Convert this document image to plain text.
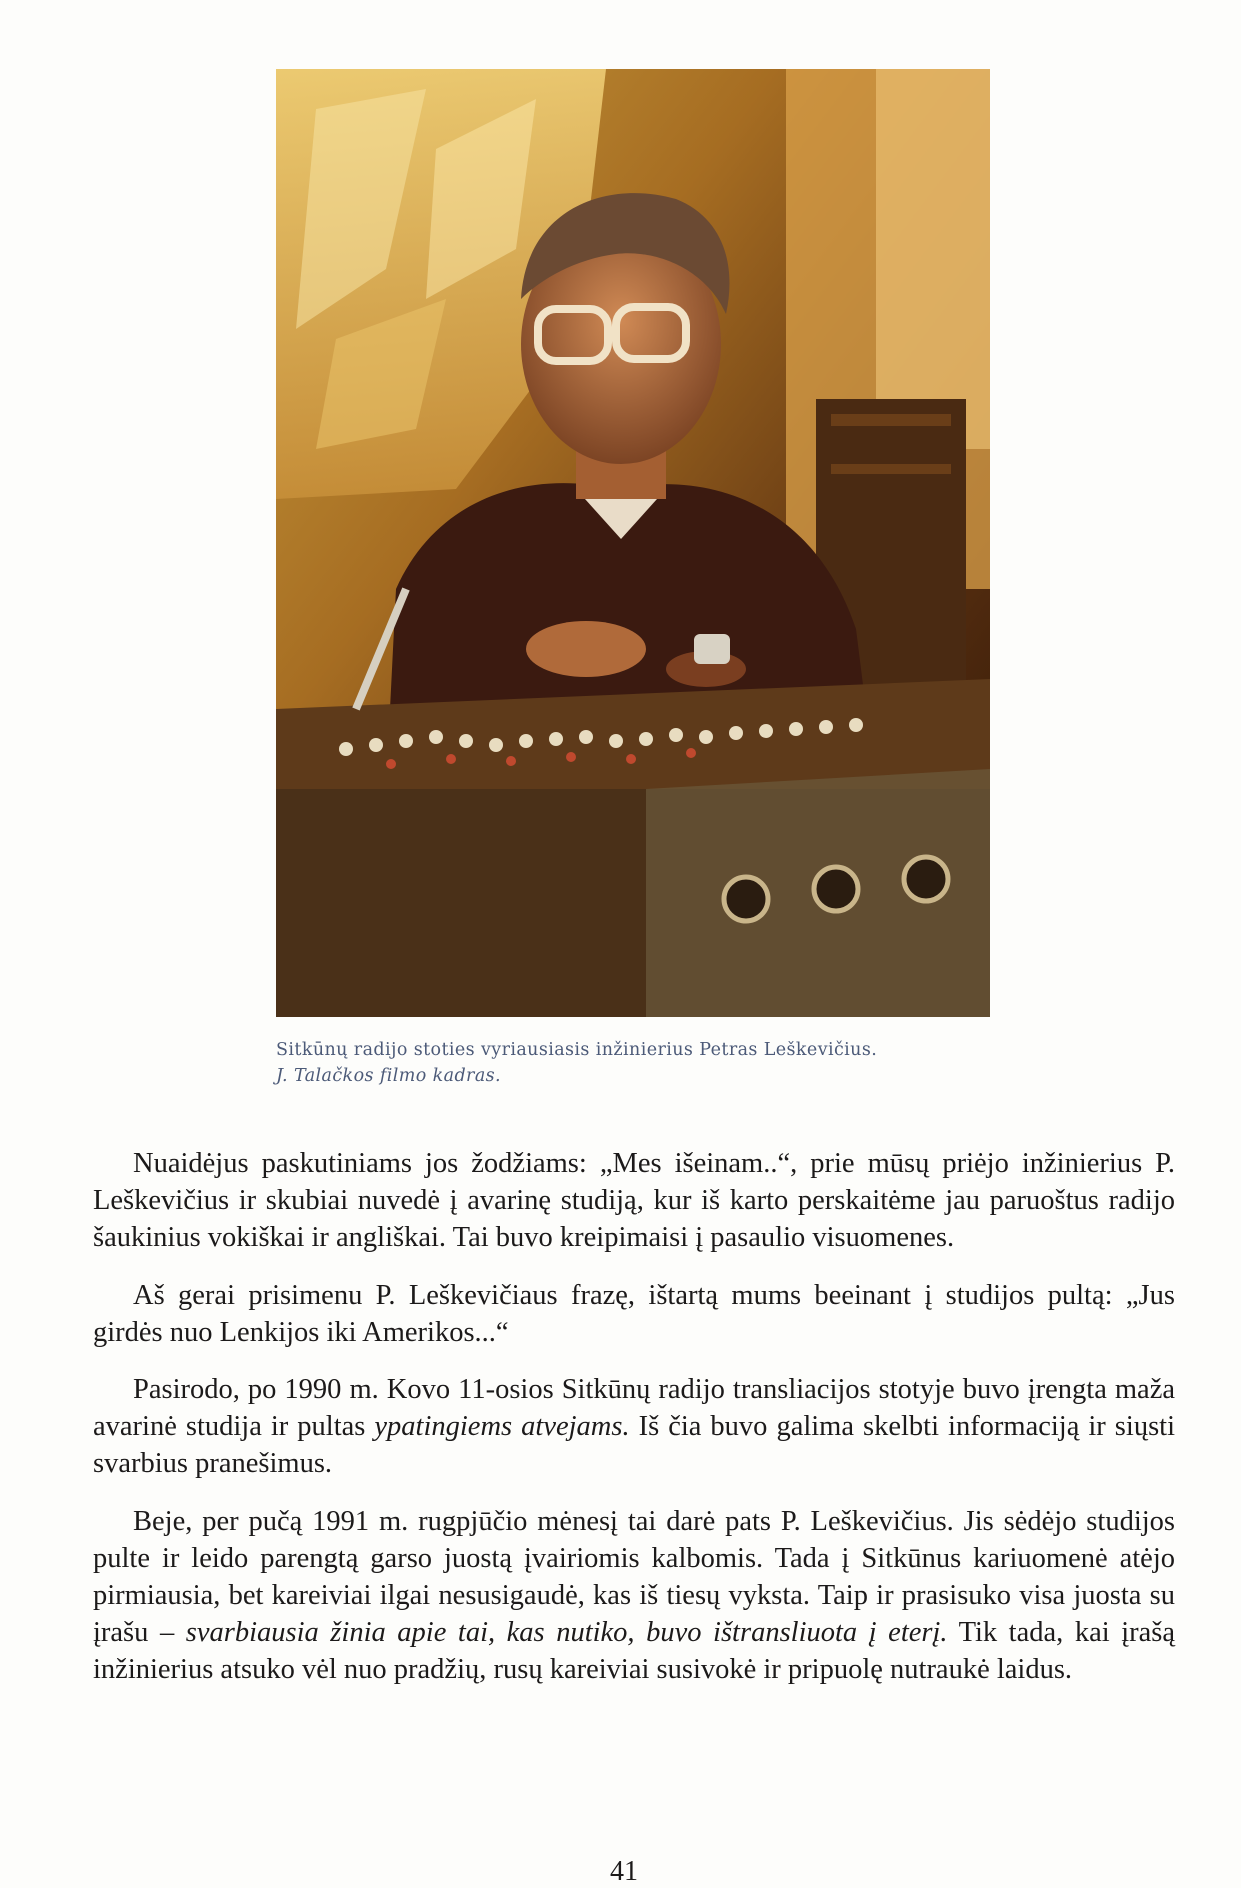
Sitkūnų radijo stoties vyriausiasis inžinierius Petras Leškevičius.
J. Talačkos filmo kadras.

Nuaidėjus paskutiniams jos žodžiams: „Mes išeinam..“, prie mūsų priėjo inžinierius P. Leškevičius ir skubiai nuvedė į avarinę studiją, kur iš karto perskaitėme jau paruoštus radijo šaukinius vokiškai ir angliškai. Tai buvo kreipimaisi į pasaulio visuomenes.

Aš gerai prisimenu P. Leškevičiaus frazę, ištartą mums beeinant į studijos pultą: „Jus girdės nuo Lenkijos iki Amerikos...“

Pasirodo, po 1990 m. Kovo 11-osios Sitkūnų radijo transliacijos stotyje buvo įrengta maža avarinė studija ir pultas ypatingiems atvejams. Iš čia buvo galima skelbti informaciją ir siųsti svarbius pranešimus.

Beje, per pučą 1991 m. rugpjūčio mėnesį tai darė pats P. Leškevičius. Jis sėdėjo studijos pulte ir leido parengtą garso juostą įvairiomis kalbomis. Tada į Sitkūnus kariuomenė atėjo pirmiausia, bet kareiviai ilgai nesusigaudė, kas iš tiesų vyksta. Taip ir prasisuko visa juosta su įrašu – svarbiausia žinia apie tai, kas nutiko, buvo ištransliuota į eterį. Tik tada, kai įrašą inžinierius atsuko vėl nuo pradžių, rusų kareiviai susivokė ir pripuolę nutraukė laidus.

41
